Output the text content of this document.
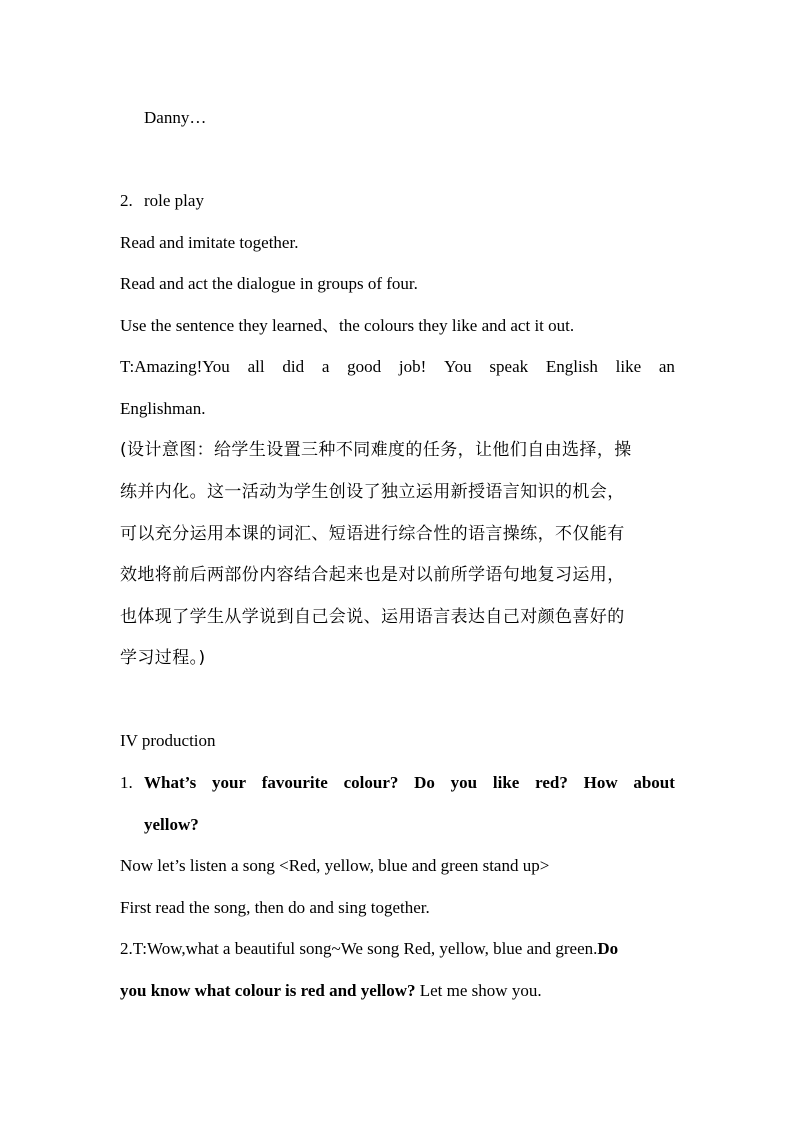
Danny…
2. role play
Read and imitate together.
Read and act the dialogue in groups of four.
Use the sentence they learned、the colours they like and act it out.
T:Amazing!You all did a good job! You speak English like an
Englishman.
(设计意图：给学生设置三种不同难度的任务，让他们自由选择，操
练并内化。这一活动为学生创设了独立运用新授语言知识的机会，
可以充分运用本课的词汇、短语进行综合性的语言操练，不仅能有
效地将前后两部份内容结合起来也是对以前所学语句地复习运用，
也体现了学生从学说到自己会说、运用语言表达自己对颜色喜好的
学习过程。)
IV production
1. What’s your favourite colour? Do you like red? How about
yellow?
Now let’s listen a song <Red, yellow, blue and green stand up>
First read the song, then do and sing together.
2.T:Wow,what a beautiful song~We song Red, yellow, blue and green.Do
you know what colour is red and yellow? Let me show you.
